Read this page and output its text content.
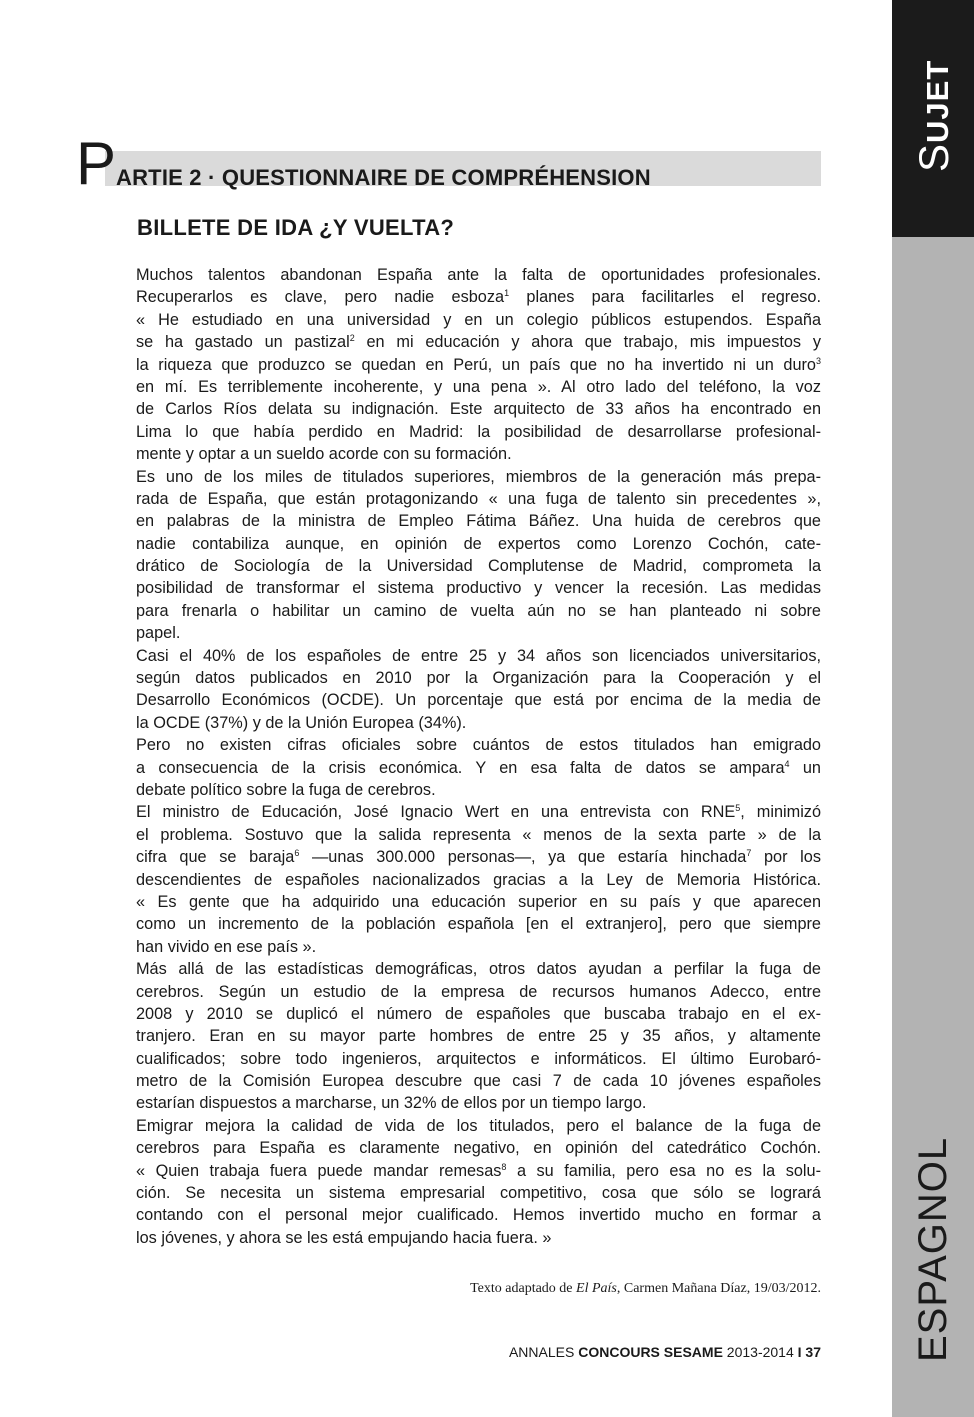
SUJET
ESPAGNOL
P ARTIE 2 · QUESTIONNAIRE DE COMPRÉHENSION
BILLETE DE IDA ¿Y VUELTA?
Muchos talentos abandonan España ante la falta de oportunidades profesionales.
Recuperarlos es clave, pero nadie esboza$^1$ planes para facilitarles el regreso.
« He estudiado en una universidad y en un colegio públicos estupendos. España
se ha gastado un pastizal$^2$ en mi educación y ahora que trabajo, mis impuestos y
la riqueza que produzco se quedan en Perú, un país que no ha invertido ni un duro$^3$
en mí. Es terriblemente incoherente, y una pena ». Al otro lado del teléfono, la voz
de Carlos Ríos delata su indignación. Este arquitecto de 33 años ha encontrado en
Lima lo que había perdido en Madrid: la posibilidad de desarrollarse profesional-
mente y optar a un sueldo acorde con su formación.
Es uno de los miles de titulados superiores, miembros de la generación más prepa-
rada de España, que están protagonizando « una fuga de talento sin precedentes »,
en palabras de la ministra de Empleo Fátima Báñez. Una huida de cerebros que
nadie contabiliza aunque, en opinión de expertos como Lorenzo Cochón, cate-
drático de Sociología de la Universidad Complutense de Madrid, comprometa la
posibilidad de transformar el sistema productivo y vencer la recesión. Las medidas
para frenarla o habilitar un camino de vuelta aún no se han planteado ni sobre
papel.
Casi el 40% de los españoles de entre 25 y 34 años son licenciados universitarios,
según datos publicados en 2010 por la Organización para la Cooperación y el
Desarrollo Económicos (OCDE). Un porcentaje que está por encima de la media de
la OCDE (37%) y de la Unión Europea (34%).
Pero no existen cifras oficiales sobre cuántos de estos titulados han emigrado
a consecuencia de la crisis económica. Y en esa falta de datos se ampara$^4$ un
debate político sobre la fuga de cerebros.
El ministro de Educación, José Ignacio Wert en una entrevista con RNE$^5$, minimizó
el problema. Sostuvo que la salida representa « menos de la sexta parte » de la
cifra que se baraja$^6$ —unas 300.000 personas—, ya que estaría hinchada$^7$ por los
descendientes de españoles nacionalizados gracias a la Ley de Memoria Histórica.
« Es gente que ha adquirido una educación superior en su país y que aparecen
como un incremento de la población española [en el extranjero], pero que siempre
han vivido en ese país ».
Más allá de las estadísticas demográficas, otros datos ayudan a perfilar la fuga de
cerebros. Según un estudio de la empresa de recursos humanos Adecco, entre
2008 y 2010 se duplicó el número de españoles que buscaba trabajo en el ex-
tranjero. Eran en su mayor parte hombres de entre 25 y 35 años, y altamente
cualificados; sobre todo ingenieros, arquitectos e informáticos. El último Eurobaró-
metro de la Comisión Europea descubre que casi 7 de cada 10 jóvenes españoles
estarían dispuestos a marcharse, un 32% de ellos por un tiempo largo.
Emigrar mejora la calidad de vida de los titulados, pero el balance de la fuga de
cerebros para España es claramente negativo, en opinión del catedrático Cochón.
« Quien trabaja fuera puede mandar remesas$^8$ a su familia, pero esa no es la solu-
ción. Se necesita un sistema empresarial competitivo, cosa que sólo se logrará
contando con el personal mejor cualificado. Hemos invertido mucho en formar a
los jóvenes, y ahora se les está empujando hacia fuera. »
Texto adaptado de El País, Carmen Mañana Díaz, 19/03/2012.
ANNALES CONCOURS SESAME 2013-2014 I 37
